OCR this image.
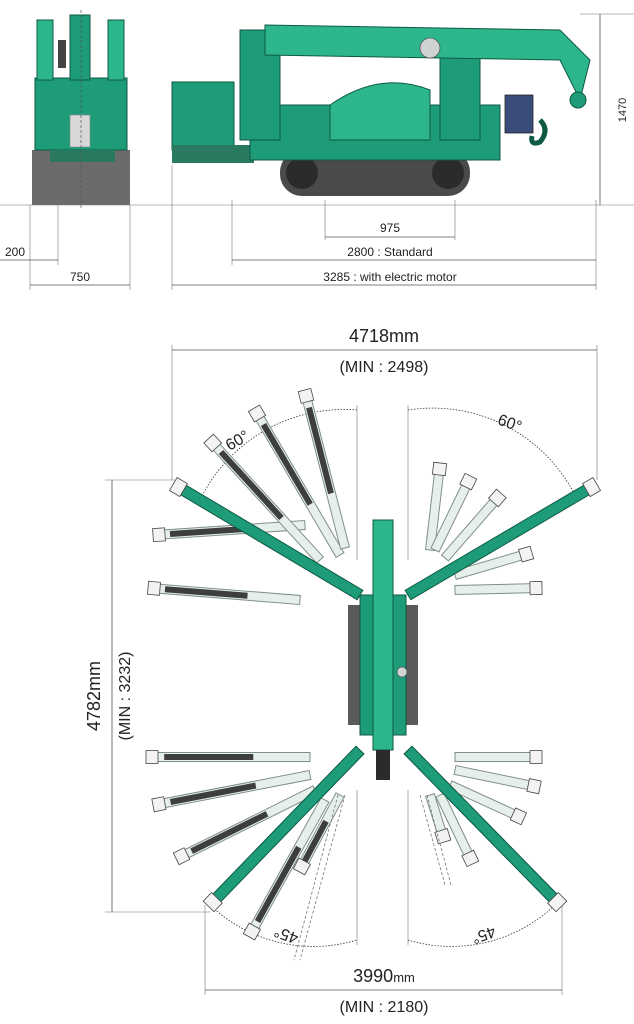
1470
975
2800 : Standard
3285 : with electric motor
200
750
4718mm
(MIN : 2498)
4782mm (MIN : 3232)
3990mm
(MIN : 2180)
60°
60°
45°	45°
